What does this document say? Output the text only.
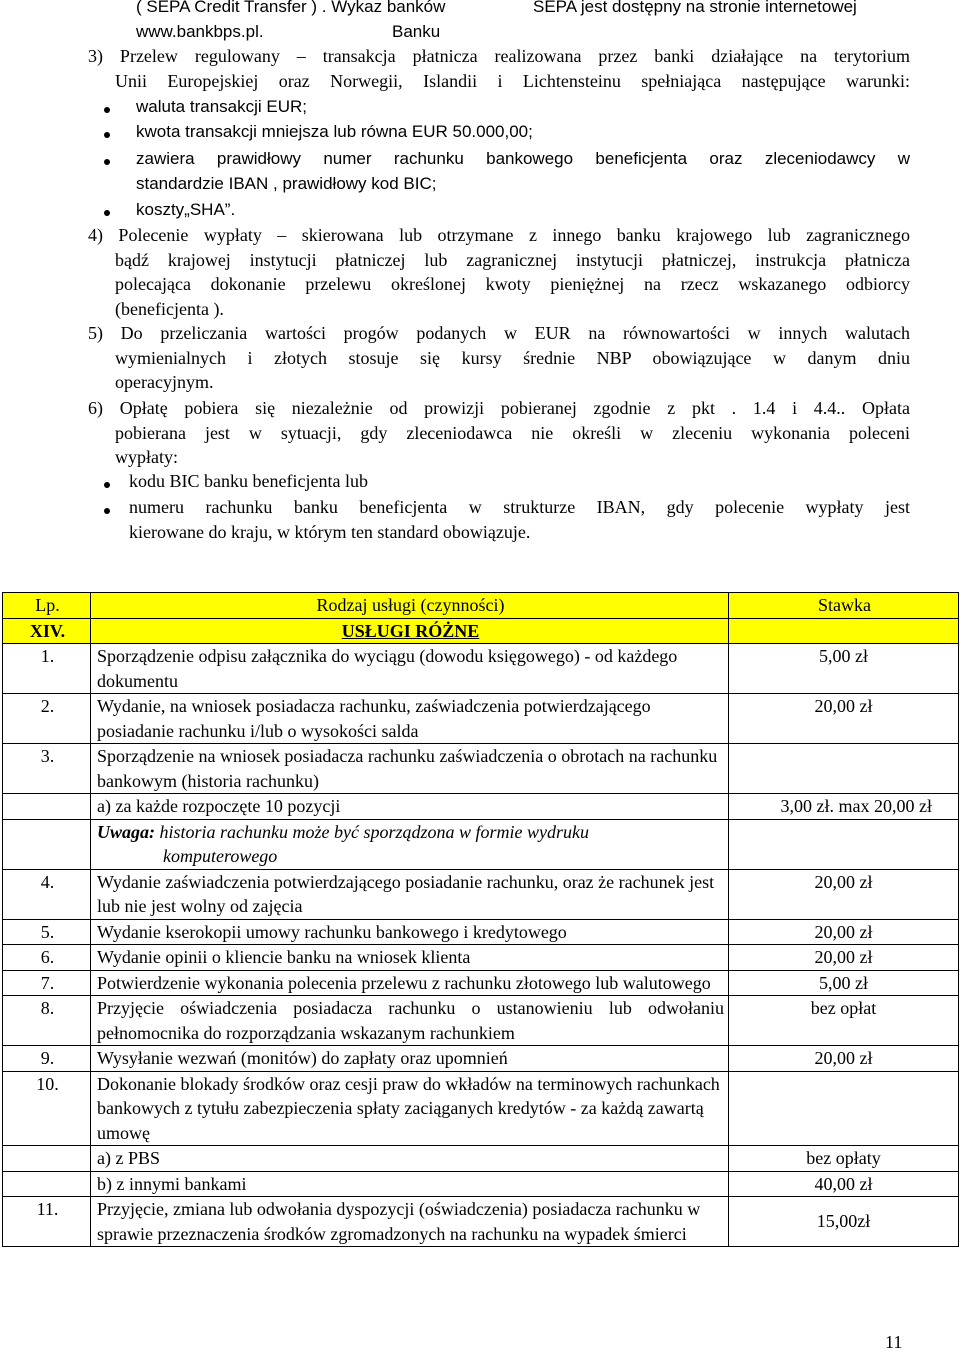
( SEPA Credit Transfer ) . Wykaz banków	SEPA jest dostępny na stronie internetowej
www.bankbps.pl.	Banku
3) Przelew regulowany – transakcja płatnicza realizowana przez banki działające na terytorium
Unii Europejskiej oraz Norwegii, Islandii i Lichtensteinu spełniająca następujące warunki:
waluta transakcji EUR;
kwota transakcji mniejsza lub równa EUR 50.000,00;
zawiera prawidłowy numer rachunku bankowego beneficjenta oraz zleceniodawcy w
standardzie IBAN , prawidłowy kod BIC;
koszty„SHA”.
4) Polecenie wypłaty – skierowana lub otrzymane z innego banku krajowego lub zagranicznego
bądź krajowej instytucji płatniczej lub zagranicznej instytucji płatniczej, instrukcja płatnicza
polecająca dokonanie przelewu określonej kwoty pieniężnej na rzecz wskazanego odbiorcy
(beneficjenta ).
5) Do przeliczania wartości progów podanych w EUR na równowartości w innych walutach
wymienialnych i złotych stosuje się kursy średnie NBP obowiązujące w danym dniu
operacyjnym.
6) Opłatę pobiera się niezależnie od prowizji pobieranej zgodnie z pkt . 1.4 i 4.4.. Opłata
pobierana jest w sytuacji, gdy zleceniodawca nie określi w zleceniu wykonania poleceni
wypłaty:
kodu BIC banku beneficjenta lub
numeru rachunku banku beneficjenta w strukturze IBAN, gdy polecenie wypłaty jest
kierowane do kraju, w którym ten standard obowiązuje.
Lp.	Rodzaj usługi (czynności)	Stawka
XIV.	USŁUGI RÓŻNE	
1.	Sporządzenie odpisu załącznika do wyciągu (dowodu księgowego) - od każdego dokumentu	5,00 zł
2.	Wydanie, na wniosek posiadacza rachunku, zaświadczenia potwierdzającego posiadanie rachunku i/lub o wysokości salda	20,00 zł
3.	Sporządzenie na wniosek posiadacza rachunku zaświadczenia o obrotach na rachunku bankowym (historia rachunku)	
	a) za każde rozpoczęte 10 pozycji	3,00 zł. max 20,00 zł
	Uwaga: historia rachunku może być sporządzona w formie wydruku
komputerowego	
4.	Wydanie zaświadczenia potwierdzającego posiadanie rachunku, oraz że rachunek jest lub nie jest wolny od zajęcia	20,00 zł
5.	Wydanie kserokopii umowy rachunku bankowego i kredytowego	20,00 zł
6.	Wydanie opinii o kliencie banku na wniosek klienta	20,00 zł
7.	Potwierdzenie wykonania polecenia przelewu z rachunku złotowego lub walutowego	5,00 zł
8.	Przyjęcie oświadczenia posiadacza rachunku o ustanowieniu lub odwołaniu pełnomocnika do rozporządzania wskazanym rachunkiem	bez opłat
9.	Wysyłanie wezwań (monitów) do zapłaty oraz upomnień	20,00 zł
10.	Dokonanie blokady środków oraz cesji praw do wkładów na terminowych rachunkach bankowych z tytułu zabezpieczenia spłaty zaciąganych kredytów - za każdą zawartą umowę	
	a) z PBS	bez opłaty
	b) z innymi bankami	40,00 zł
11.	Przyjęcie, zmiana lub odwołania dyspozycji (oświadczenia) posiadacza rachunku w sprawie przeznaczenia środków zgromadzonych na rachunku na wypadek śmierci	15,00zł
11
